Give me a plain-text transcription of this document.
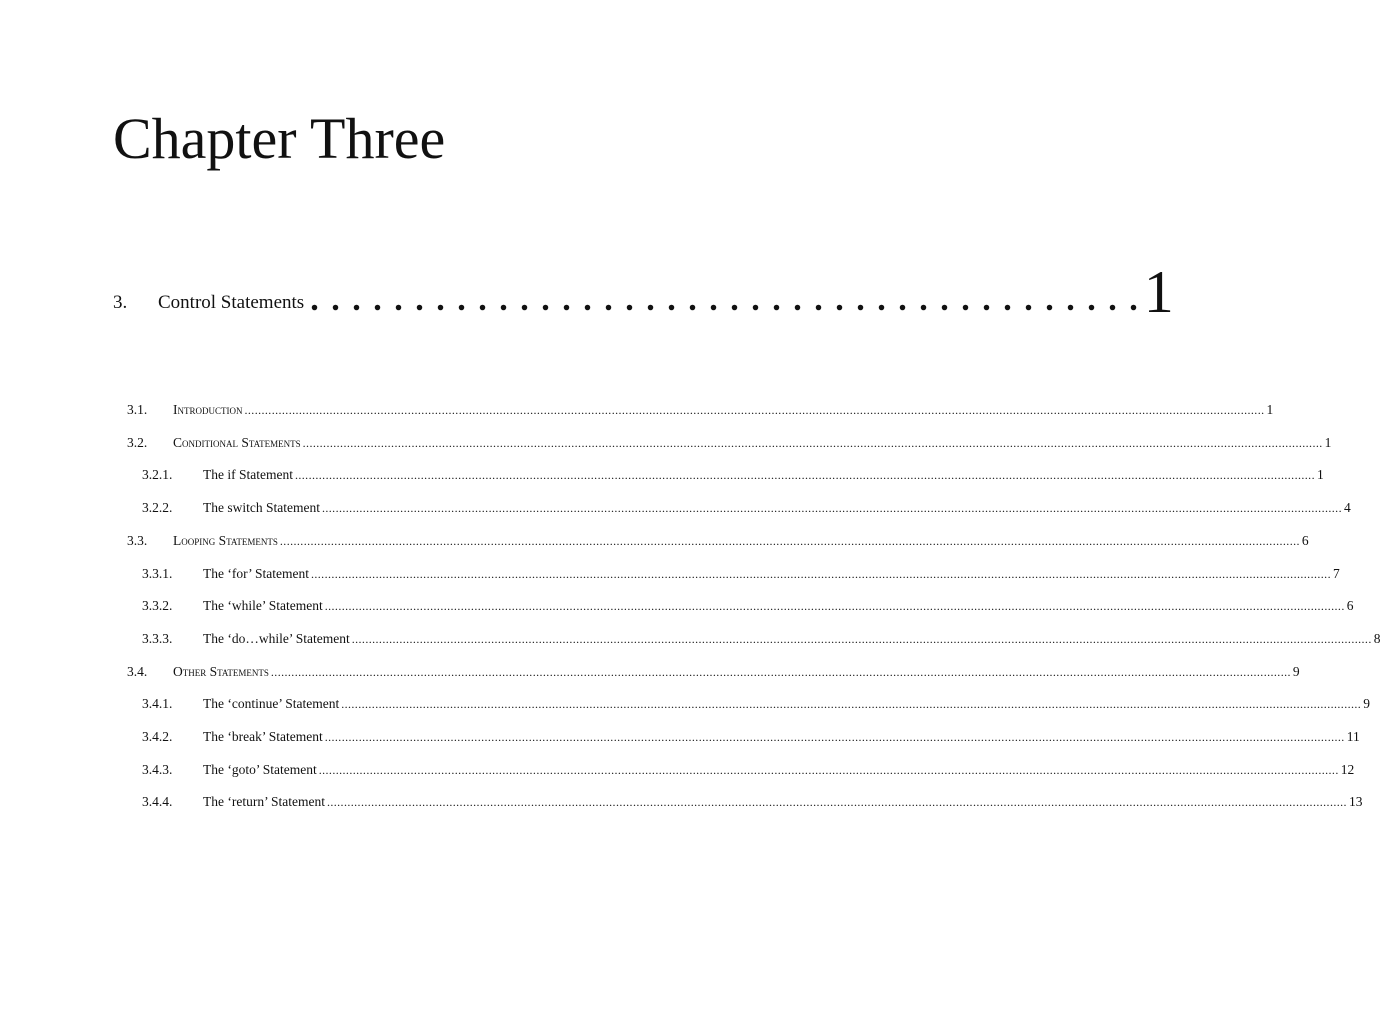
Chapter Three
3.	Control Statements . . . . . . . . . . . . . . . . . . . . . . . . . . . . . . . . . . . . . . . . 1
3.1.	Introduction ............................................................................................................................................................................................................................................................................................................ 1
3.2.	Conditional Statements ............................................................................................................................................................................................................................................................................................................ 1
3.2.1.	The if Statement ............................................................................................................................................................................................................................................................................................................ 1
3.2.2.	The switch Statement ............................................................................................................................................................................................................................................................................................................ 4
3.3.	Looping Statements ............................................................................................................................................................................................................................................................................................................ 6
3.3.1.	The ‘for’ Statement ............................................................................................................................................................................................................................................................................................................ 7
3.3.2.	The ‘while’ Statement ............................................................................................................................................................................................................................................................................................................ 6
3.3.3.	The ‘do…while’ Statement ............................................................................................................................................................................................................................................................................................................ 8
3.4.	Other Statements ............................................................................................................................................................................................................................................................................................................ 9
3.4.1.	The ‘continue’ Statement ............................................................................................................................................................................................................................................................................................................ 9
3.4.2.	The ‘break’ Statement ............................................................................................................................................................................................................................................................................................................ 11
3.4.3.	The ‘goto’ Statement ............................................................................................................................................................................................................................................................................................................ 12
3.4.4.	The ‘return’ Statement ............................................................................................................................................................................................................................................................................................................ 13
